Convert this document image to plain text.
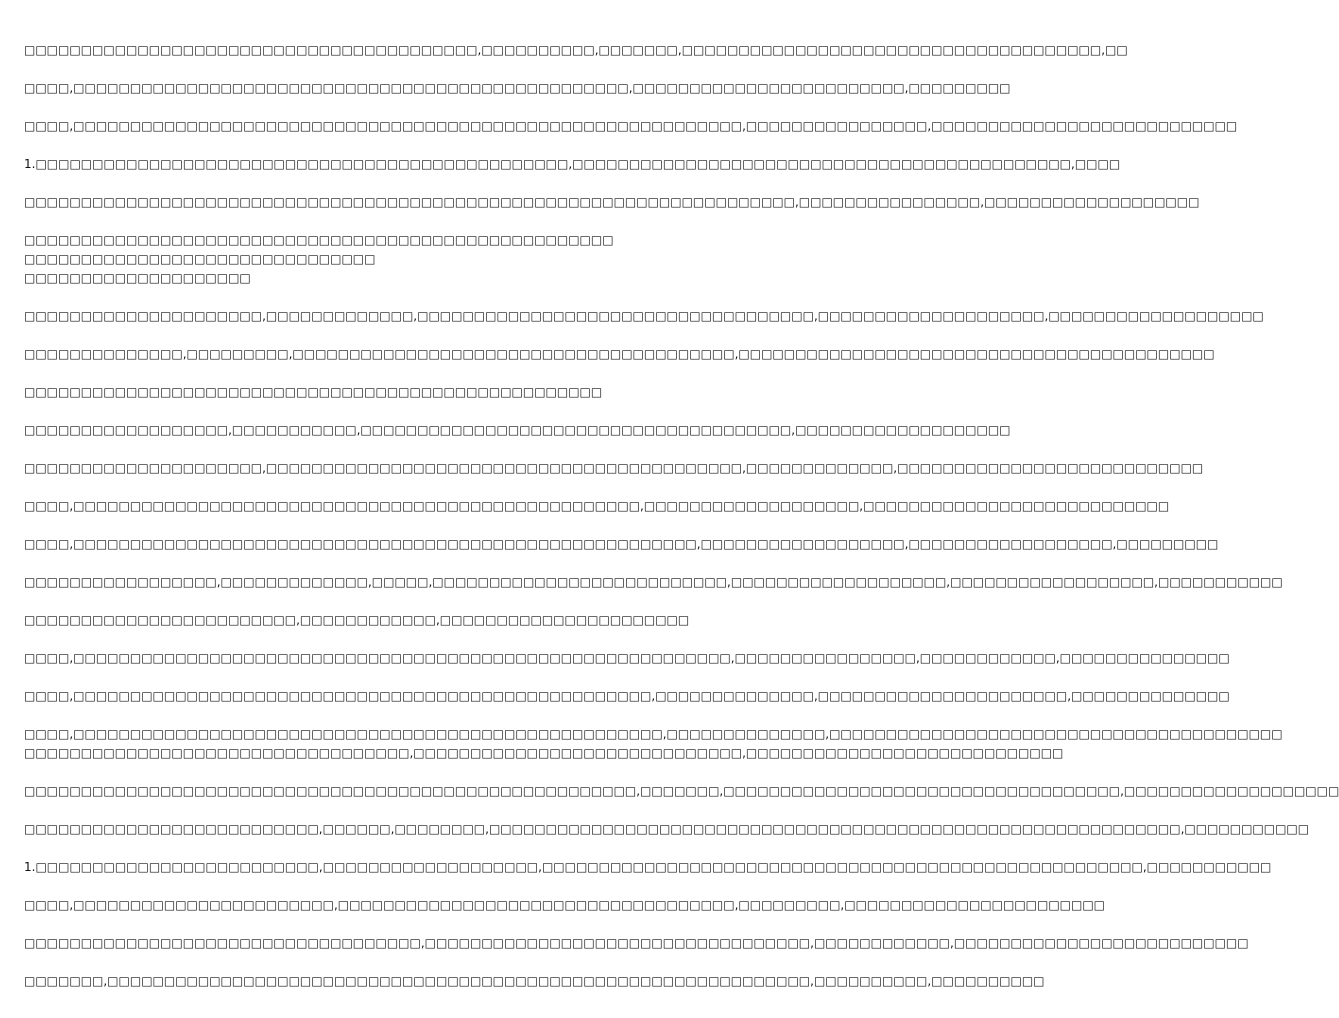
□□□□□□□□□□□□□□□□□□□□□□□□□□□□□□□□□□□□□□□□,□□□□□□□□□□,□□□□□□□,□□□□□□□□□□□□□□□□□□□□□□□□□□□□□□□□□□□□□,□□

□□□□,□□□□□□□□□□□□□□□□□□□□□□□□□□□□□□□□□□□□□□□□□□□□□□□□□,□□□□□□□□□□□□□□□□□□□□□□□□,□□□□□□□□□

□□□□,□□□□□□□□□□□□□□□□□□□□□□□□□□□□□□□□□□□□□□□□□□□□□□□□□□□□□□□□□□□,□□□□□□□□□□□□□□□□,□□□□□□□□□□□□□□□□□□□□□□□□□□□

1.□□□□□□□□□□□□□□□□□□□□□□□□□□□□□□□□□□□□□□□□□□□□□□□,□□□□□□□□□□□□□□□□□□□□□□□□□□□□□□□□□□□□□□□□□□□□,□□□□

□□□□□□□□□□□□□□□□□□□□□□□□□□□□□□□□□□□□□□□□□□□□□□□□□□□□□□□□□□□□□□□□□□□□,□□□□□□□□□□□□□□□□,□□□□□□□□□□□□□□□□□□□

□□□□□□□□□□□□□□□□□□□□□□□□□□□□□□□□□□□□□□□□□□□□□□□□□□□□□□□□□□□□□□□□□□□□□□□□□□□□□□□□□□□
□□□□□□□□□□□□□□□□□□□□

□□□□□□□□□□□□□□□□□□□□□,□□□□□□□□□□□□□,□□□□□□□□□□□□□□□□□□□□□□□□□□□□□□□□□□□,□□□□□□□□□□□□□□□□□□□□,□□□□□□□□□□□□□□□□□□□

□□□□□□□□□□□□□□,□□□□□□□□□,□□□□□□□□□□□□□□□□□□□□□□□□□□□□□□□□□□□□□□□,□□□□□□□□□□□□□□□□□□□□□□□□□□□□□□□□□□□□□□□□□□

□□□□□□□□□□□□□□□□□□□□□□□□□□□□□□□□□□□□□□□□□□□□□□□□□□□

□□□□□□□□□□□□□□□□□□,□□□□□□□□□□□,□□□□□□□□□□□□□□□□□□□□□□□□□□□□□□□□□□□□□□,□□□□□□□□□□□□□□□□□□□

□□□□□□□□□□□□□□□□□□□□□,□□□□□□□□□□□□□□□□□□□□□□□□□□□□□□□□□□□□□□□□□□,□□□□□□□□□□□□□,□□□□□□□□□□□□□□□□□□□□□□□□□□□

□□□□,□□□□□□□□□□□□□□□□□□□□□□□□□□□□□□□□□□□□□□□□□□□□□□□□□□,□□□□□□□□□□□□□□□□□□□,□□□□□□□□□□□□□□□□□□□□□□□□□□□

□□□□,□□□□□□□□□□□□□□□□□□□□□□□□□□□□□□□□□□□□□□□□□□□□□□□□□□□□□□□,□□□□□□□□□□□□□□□□□□,□□□□□□□□□□□□□□□□□□,□□□□□□□□□

□□□□□□□□□□□□□□□□□,□□□□□□□□□□□□□,□□□□□,□□□□□□□□□□□□□□□□□□□□□□□□□□,□□□□□□□□□□□□□□□□□□□,□□□□□□□□□□□□□□□□□□,□□□□□□□□□□□

□□□□□□□□□□□□□□□□□□□□□□□□,□□□□□□□□□□□□,□□□□□□□□□□□□□□□□□□□□□□

□□□□,□□□□□□□□□□□□□□□□□□□□□□□□□□□□□□□□□□□□□□□□□□□□□□□□□□□□□□□□□□,□□□□□□□□□□□□□□□□,□□□□□□□□□□□□,□□□□□□□□□□□□□□□

□□□□,□□□□□□□□□□□□□□□□□□□□□□□□□□□□□□□□□□□□□□□□□□□□□□□□□□□,□□□□□□□□□□□□□□,□□□□□□□□□□□□□□□□□□□□□□,□□□□□□□□□□□□□□

□□□□,□□□□□□□□□□□□□□□□□□□□□□□□□□□□□□□□□□□□□□□□□□□□□□□□□□□□,□□□□□□□□□□□□□□,□□□□□□□□□□□□□□□□□□□□□□□□□□□□□□□□□□□□□□□□
□□□□□□□□□□□□□□□□□□□□□□□□□□□□□□□□□□,□□□□□□□□□□□□□□□□□□□□□□□□□□□□□,□□□□□□□□□□□□□□□□□□□□□□□□□□□□

□□□□□□□□□□□□□□□□□□□□□□□□□□□□□□□□□□□□□□□□□□□□□□□□□□□□□□,□□□□□□□,□□□□□□□□□□□□□□□□□□□□□□□□□□□□□□□□□□□,□□□□□□□□□□□□□□□□□□□

□□□□□□□□□□□□□□□□□□□□□□□□□□,□□□□□□,□□□□□□□□,□□□□□□□□□□□□□□□□□□□□□□□□□□□□□□□□□□□□□□□□□□□□□□□□□□□□□□□□□□□□□,□□□□□□□□□□□

1.□□□□□□□□□□□□□□□□□□□□□□□□□,□□□□□□□□□□□□□□□□□□□,□□□□□□□□□□□□□□□□□□□□□□□□□□□□□□□□□□□□□□□□□□□□□□□□□□□□□,□□□□□□□□□□□

□□□□,□□□□□□□□□□□□□□□□□□□□□□□,□□□□□□□□□□□□□□□□□□□□□□□□□□□□□□□□□□□,□□□□□□□□□,□□□□□□□□□□□□□□□□□□□□□□□

□□□□□□□□□□□□□□□□□□□□□□□□□□□□□□□□□□□,□□□□□□□□□□□□□□□□□□□□□□□□□□□□□□□□□□,□□□□□□□□□□□□,□□□□□□□□□□□□□□□□□□□□□□□□□□

□□□□□□□,□□□□□□□□□□□□□□□□□□□□□□□□□□□□□□□□□□□□□□□□□□□□□□□□□□□□□□□□□□□□□□,□□□□□□□□□□,□□□□□□□□□□
